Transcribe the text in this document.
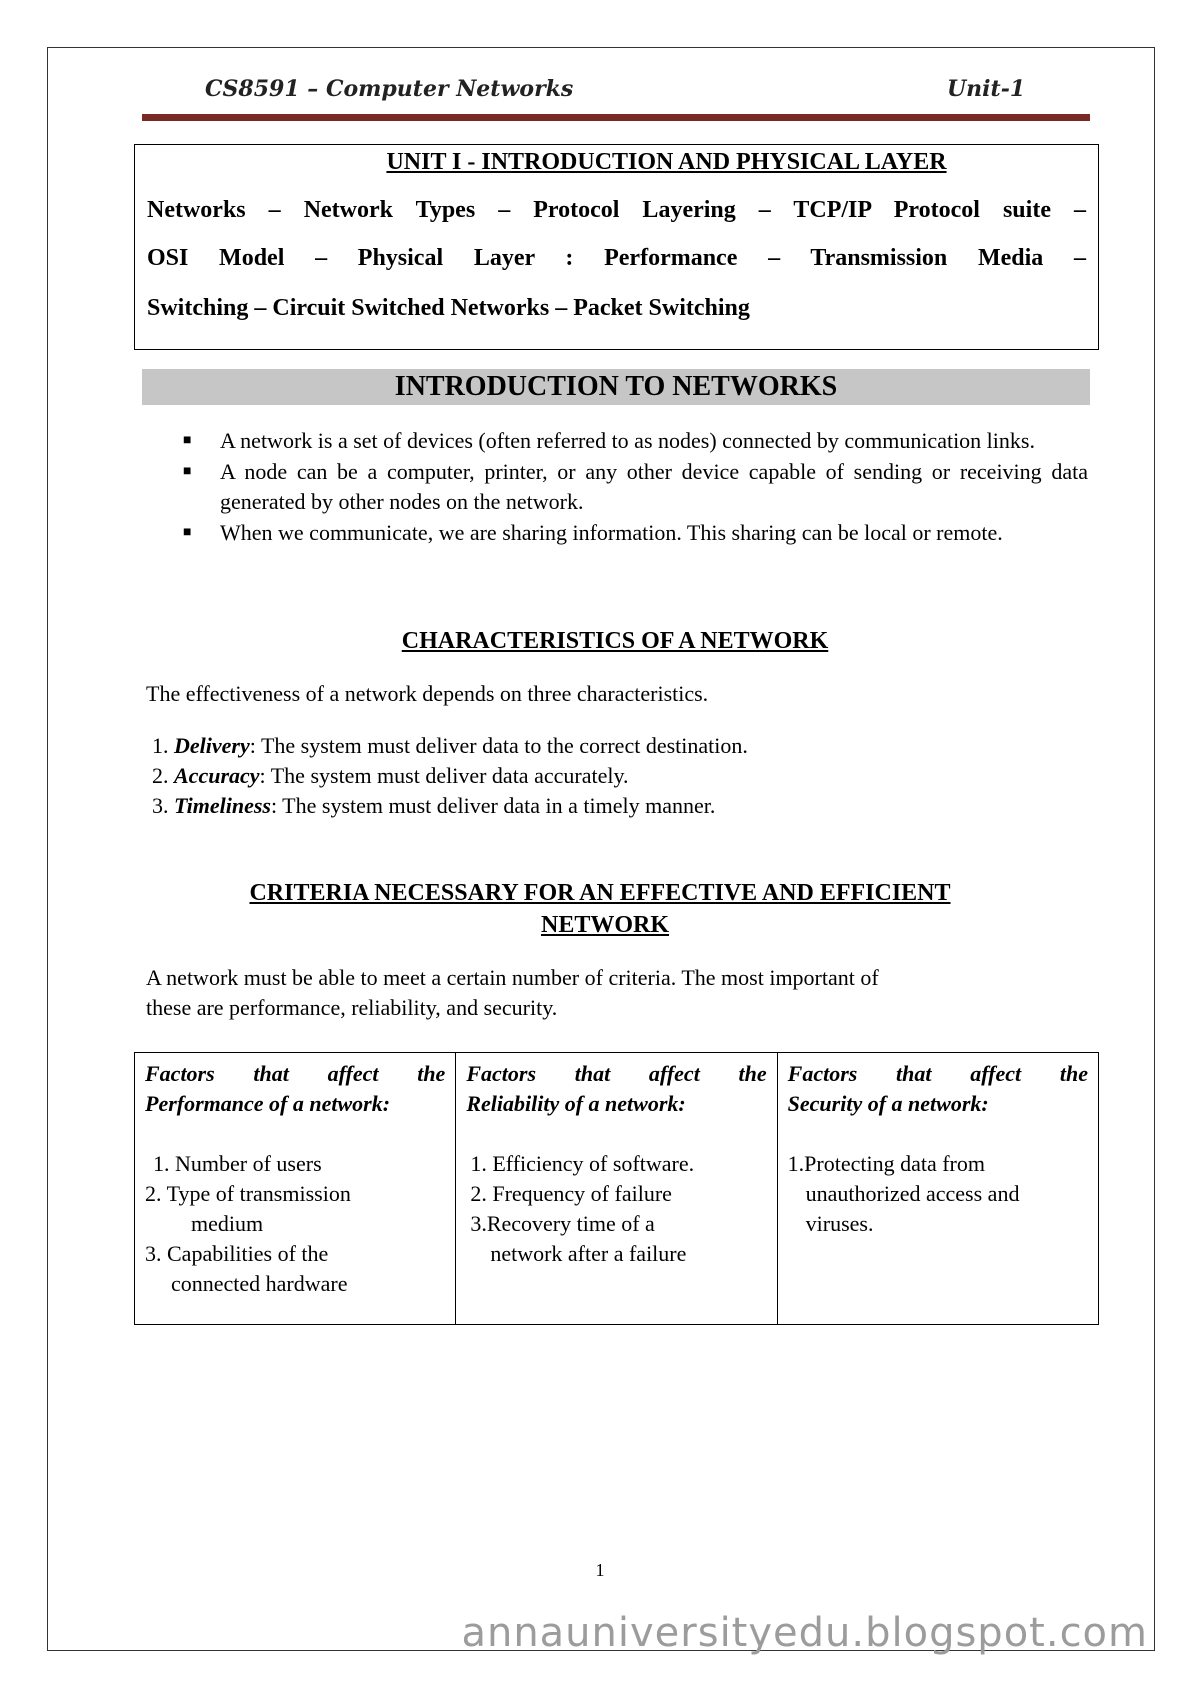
CS8591 – Computer Networks	Unit-1
UNIT I - INTRODUCTION AND PHYSICAL LAYER
Networks – Network Types – Protocol Layering – TCP/IP Protocol suite –
OSI Model – Physical Layer : Performance – Transmission Media –
Switching – Circuit Switched Networks – Packet Switching
INTRODUCTION TO NETWORKS
■ A network is a set of devices (often referred to as nodes) connected by communication links.
■ A node can be a computer, printer, or any other device capable of sending or receiving data generated by other nodes on the network.
■ When we communicate, we are sharing information. This sharing can be local or remote.
CHARACTERISTICS OF A NETWORK
The effectiveness of a network depends on three characteristics.
1. Delivery: The system must deliver data to the correct destination.
2. Accuracy: The system must deliver data accurately.
3. Timeliness: The system must deliver data in a timely manner.
CRITERIA NECESSARY FOR AN EFFECTIVE AND EFFICIENT
NETWORK
A network must be able to meet a certain number of criteria. The most important of
these are performance, reliability, and security.
Factors that affect the
Performance of a network:
1. Number of users
2. Type of transmission
medium
3. Capabilities of the
connected hardware

Factors that affect the
Reliability of a network:
1. Efficiency of software.
2. Frequency of failure
3.Recovery time of a
network after a failure

Factors that affect the
Security of a network:
1.Protecting data from
unauthorized access and
viruses.
1
annauniversityedu.blogspot.com
